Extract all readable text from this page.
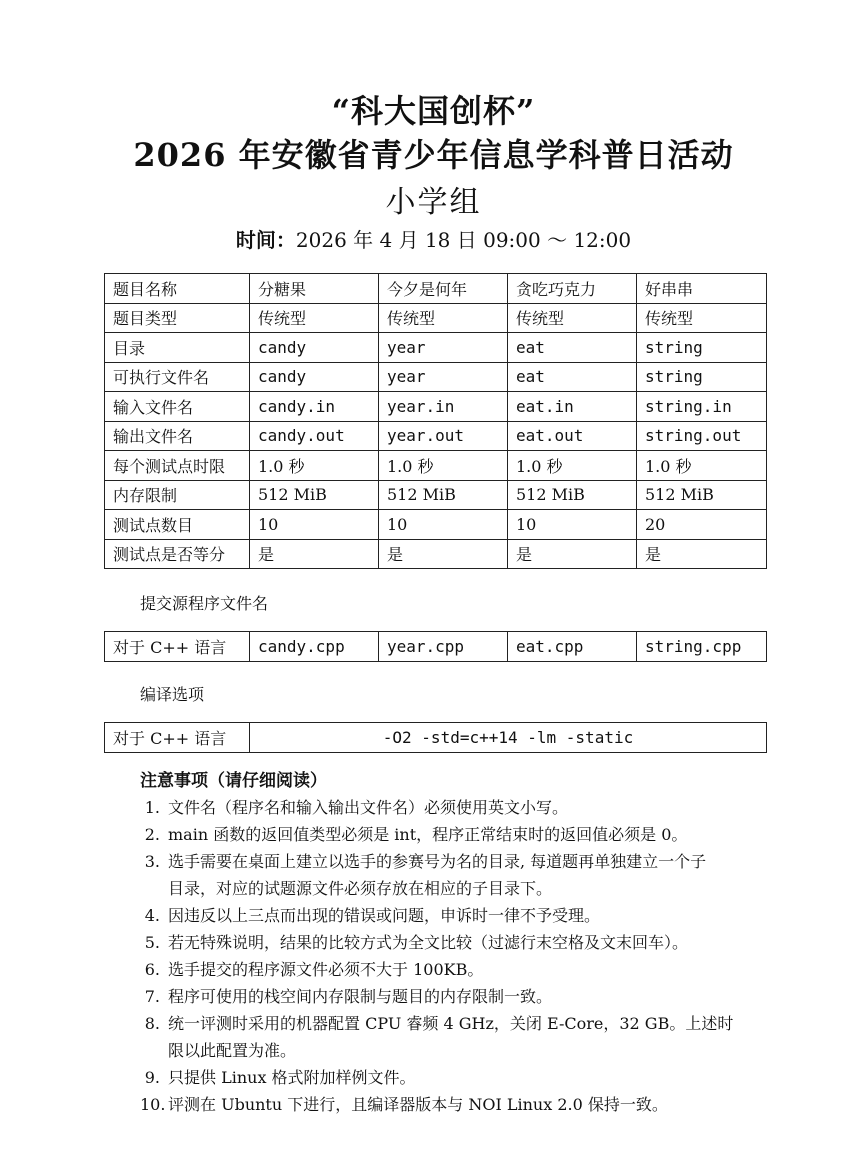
“科大国创杯”
2026 年安徽省青少年信息学科普日活动
小学组
时间：2026 年 4 月 18 日 09:00 ～ 12:00
题目名称	分糖果	今夕是何年	贪吃巧克力	好串串
题目类型	传统型	传统型	传统型	传统型
目录	candy	year	eat	string
可执行文件名	candy	year	eat	string
输入文件名	candy.in	year.in	eat.in	string.in
输出文件名	candy.out	year.out	eat.out	string.out
每个测试点时限	1.0 秒	1.0 秒	1.0 秒	1.0 秒
内存限制	512 MiB	512 MiB	512 MiB	512 MiB
测试点数目	10	10	10	20
测试点是否等分	是	是	是	是
提交源程序文件名
对于 C++ 语言	candy.cpp	year.cpp	eat.cpp	string.cpp
编译选项
对于 C++ 语言	-O2 -std=c++14 -lm -static
注意事项（请仔细阅读）
1. 文件名（程序名和输入输出文件名）必须使用英文小写。
2. main 函数的返回值类型必须是 int，程序正常结束时的返回值必须是 0。
3. 选手需要在桌面上建立以选手的参赛号为名的目录, 每道题再单独建立一个子
目录，对应的试题源文件必须存放在相应的子目录下。
4. 因违反以上三点而出现的错误或问题，申诉时一律不予受理。
5. 若无特殊说明，结果的比较方式为全文比较（过滤行末空格及文末回车）。
6. 选手提交的程序源文件必须不大于 100KB。
7. 程序可使用的栈空间内存限制与题目的内存限制一致。
8. 统一评测时采用的机器配置 CPU 睿频 4 GHz，关闭 E-Core，32 GB。上述时
限以此配置为准。
9. 只提供 Linux 格式附加样例文件。
10. 评测在 Ubuntu 下进行，且编译器版本与 NOI Linux 2.0 保持一致。
